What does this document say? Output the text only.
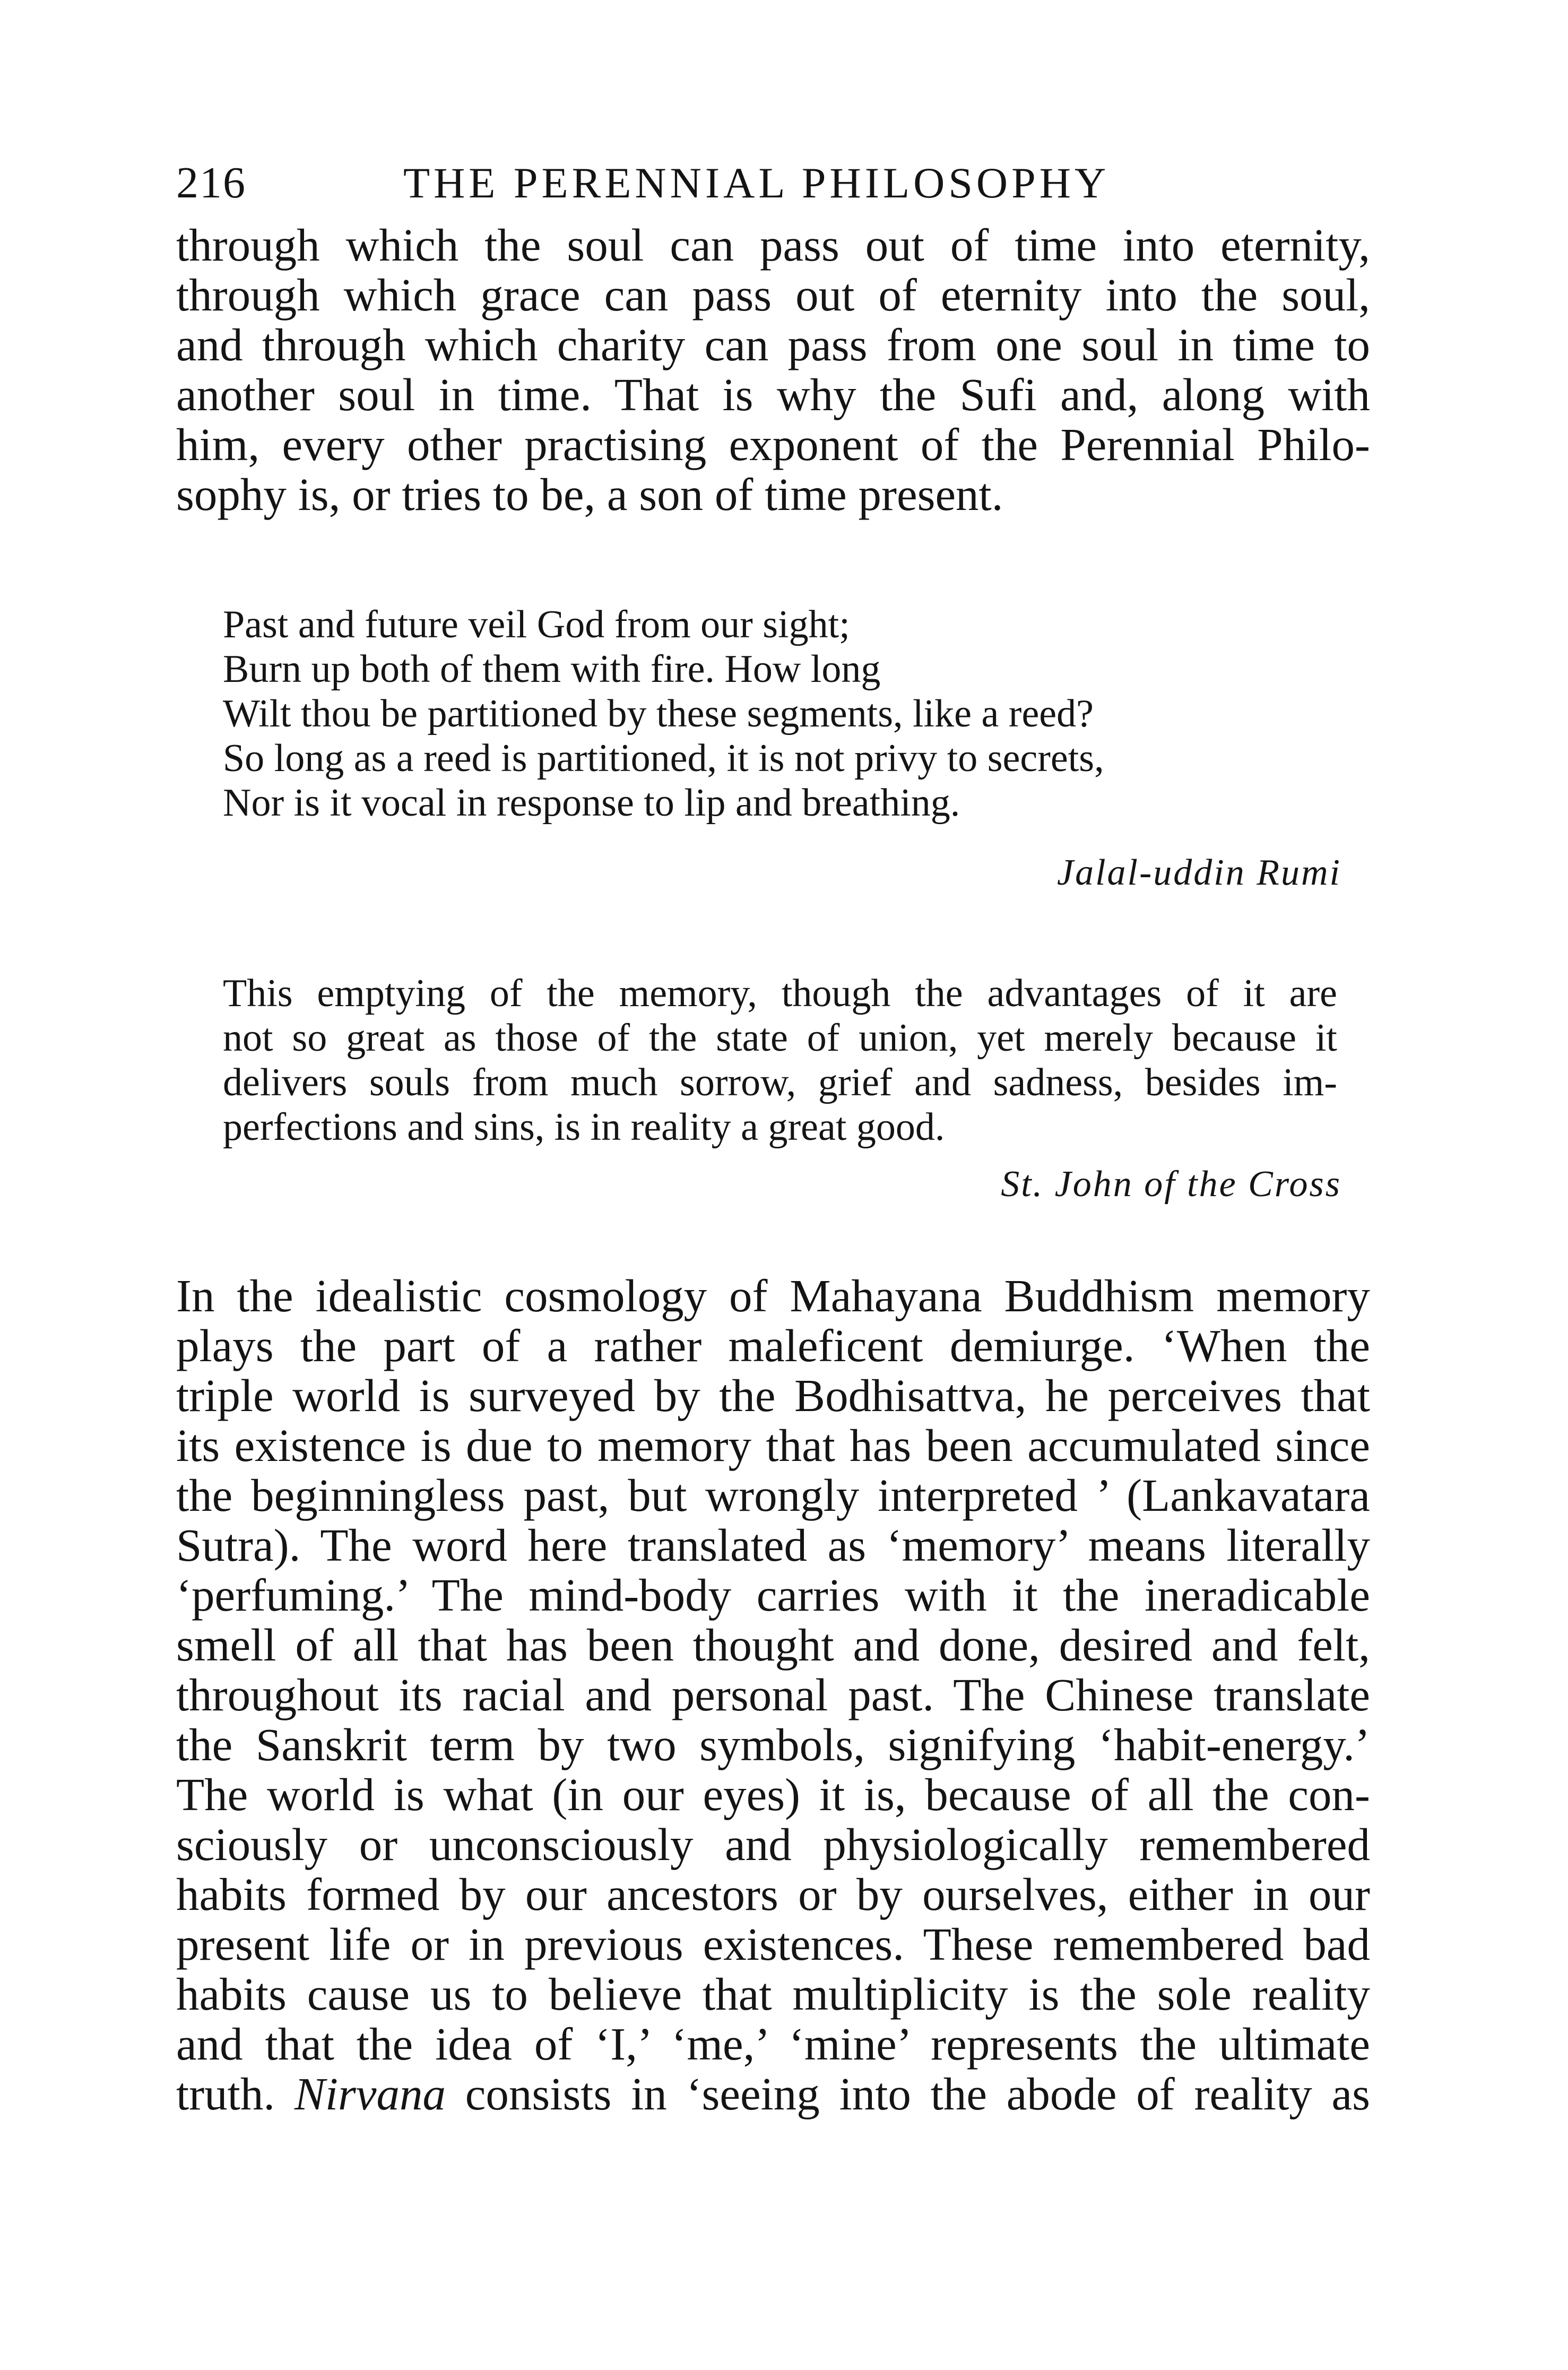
216	THE PERENNIAL PHILOSOPHY

through which the soul can pass out of time into eternity,

through which grace can pass out of eternity into the soul,

and through which charity can pass from one soul in time to

another soul in time. That is why the Sufi and, along with

him, every other practising exponent of the Perennial Philo-

sophy is, or tries to be, a son of time present.

Past and future veil God from our sight;

Burn up both of them with fire. How long

Wilt thou be partitioned by these segments, like a reed?

So long as a reed is partitioned, it is not privy to secrets,

Nor is it vocal in response to lip and breathing.

Jalal-uddin Rumi

This emptying of the memory, though the advantages of it are

not so great as those of the state of union, yet merely because it

delivers souls from much sorrow, grief and sadness, besides im-

perfections and sins, is in reality a great good.

St. John of the Cross

In the idealistic cosmology of Mahayana Buddhism memory

plays the part of a rather maleficent demiurge. ‘When the

triple world is surveyed by the Bodhisattva, he perceives that

its existence is due to memory that has been accumulated since

the beginningless past, but wrongly interpreted ’ (Lankavatara

Sutra). The word here translated as ‘memory’ means literally

‘perfuming.’ The mind-body carries with it the ineradicable

smell of all that has been thought and done, desired and felt,

throughout its racial and personal past. The Chinese translate

the Sanskrit term by two symbols, signifying ‘habit-energy.’

The world is what (in our eyes) it is, because of all the con-

sciously or unconsciously and physiologically remembered

habits formed by our ancestors or by ourselves, either in our

present life or in previous existences. These remembered bad

habits cause us to believe that multiplicity is the sole reality

and that the idea of ‘I,’ ‘me,’ ‘mine’ represents the ultimate

truth. Nirvana consists in ‘seeing into the abode of reality as
